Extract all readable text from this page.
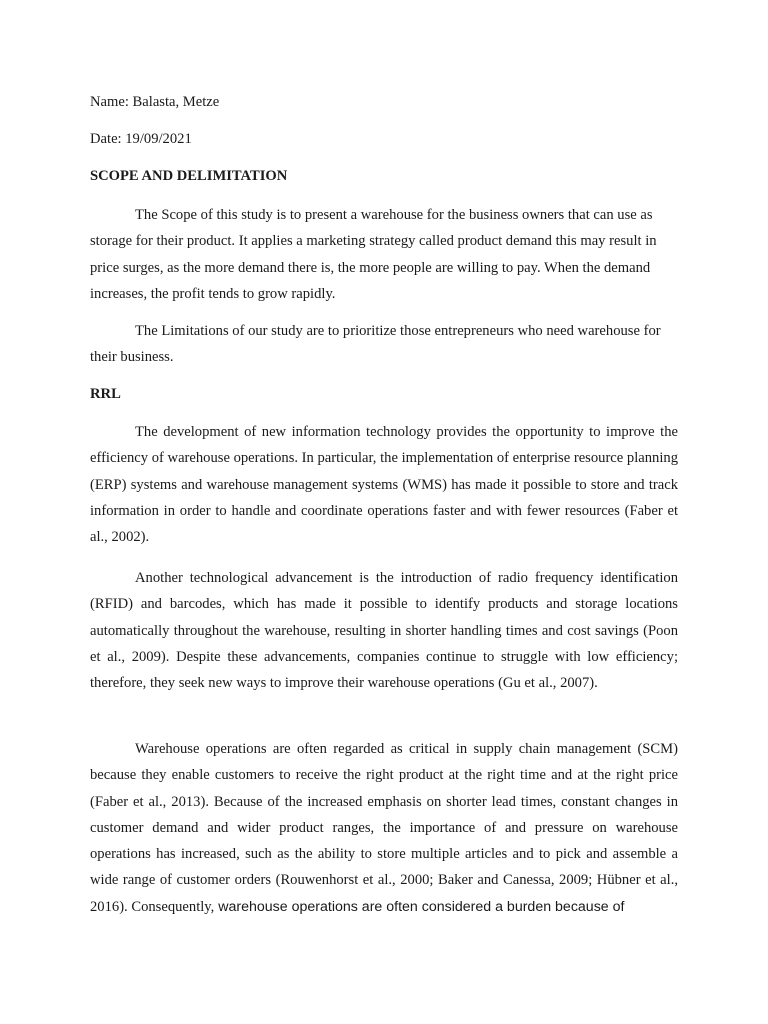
Name: Balasta, Metze
Date: 19/09/2021
SCOPE AND DELIMITATION

The Scope of this study is to present a warehouse for the business owners that can use as storage for their product. It applies a marketing strategy called product demand this may result in price surges, as the more demand there is, the more people are willing to pay. When the demand increases, the profit tends to grow rapidly.

The Limitations of our study are to prioritize those entrepreneurs who need warehouse for their business.

RRL

The development of new information technology provides the opportunity to improve the efficiency of warehouse operations. In particular, the implementation of enterprise resource planning (ERP) systems and warehouse management systems (WMS) has made it possible to store and track information in order to handle and coordinate operations faster and with fewer resources (Faber et al., 2002).

Another technological advancement is the introduction of radio frequency identification (RFID) and barcodes, which has made it possible to identify products and storage locations automatically throughout the warehouse, resulting in shorter handling times and cost savings (Poon et al., 2009). Despite these advancements, companies continue to struggle with low efficiency; therefore, they seek new ways to improve their warehouse operations (Gu et al., 2007).

Warehouse operations are often regarded as critical in supply chain management (SCM) because they enable customers to receive the right product at the right time and at the right price (Faber et al., 2013). Because of the increased emphasis on shorter lead times, constant changes in customer demand and wider product ranges, the importance of and pressure on warehouse operations has increased, such as the ability to store multiple articles and to pick and assemble a wide range of customer orders (Rouwenhorst et al., 2000; Baker and Canessa, 2009; Hübner et al., 2016). Consequently, warehouse operations are often considered a burden because of
